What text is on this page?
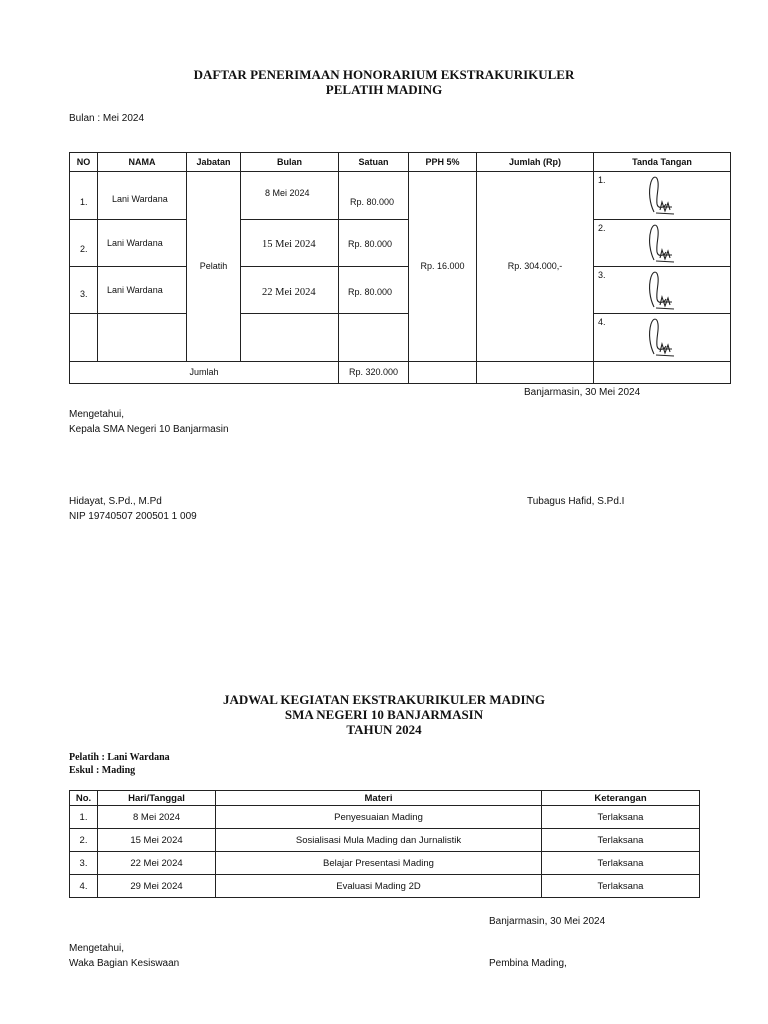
DAFTAR PENERIMAAN HONORARIUM EKSTRAKURIKULER
PELATIH MADING
Bulan : Mei 2024
NO	NAMA	Jabatan	Bulan	Satuan	PPH 5%	Jumlah (Rp)	Tanda Tangan

1.	Lani Wardana	Pelatih	8 Mei 2024	Rp. 80.000	Rp. 16.000	Rp. 304.000,-	1.

2.	Lani Wardana		15 Mei 2024	Rp. 80.000			2.

3.	Lani Wardana		22 Mei 2024	Rp. 80.000			3.

							4.

Jumlah				Rp. 320.000			
Banjarmasin, 30 Mei 2024
Mengetahui,
Kepala SMA Negeri 10 Banjarmasin
Hidayat, S.Pd., M.Pd
NIP 19740507 200501 1 009
Tubagus Hafid, S.Pd.I
JADWAL KEGIATAN EKSTRAKURIKULER MADING
SMA NEGERI 10 BANJARMASIN
TAHUN 2024
Pelatih : Lani Wardana
Eskul : Mading
No.	Hari/Tanggal	Materi	Keterangan
1.	8 Mei 2024	Penyesuaian Mading	Terlaksana
2.	15 Mei 2024	Sosialisasi Mula Mading dan Jurnalistik	Terlaksana
3.	22 Mei 2024	Belajar Presentasi Mading	Terlaksana
4.	29 Mei 2024	Evaluasi Mading 2D	Terlaksana
Banjarmasin, 30 Mei 2024
Mengetahui,
Waka Bagian Kesiswaan	Pembina Mading,
